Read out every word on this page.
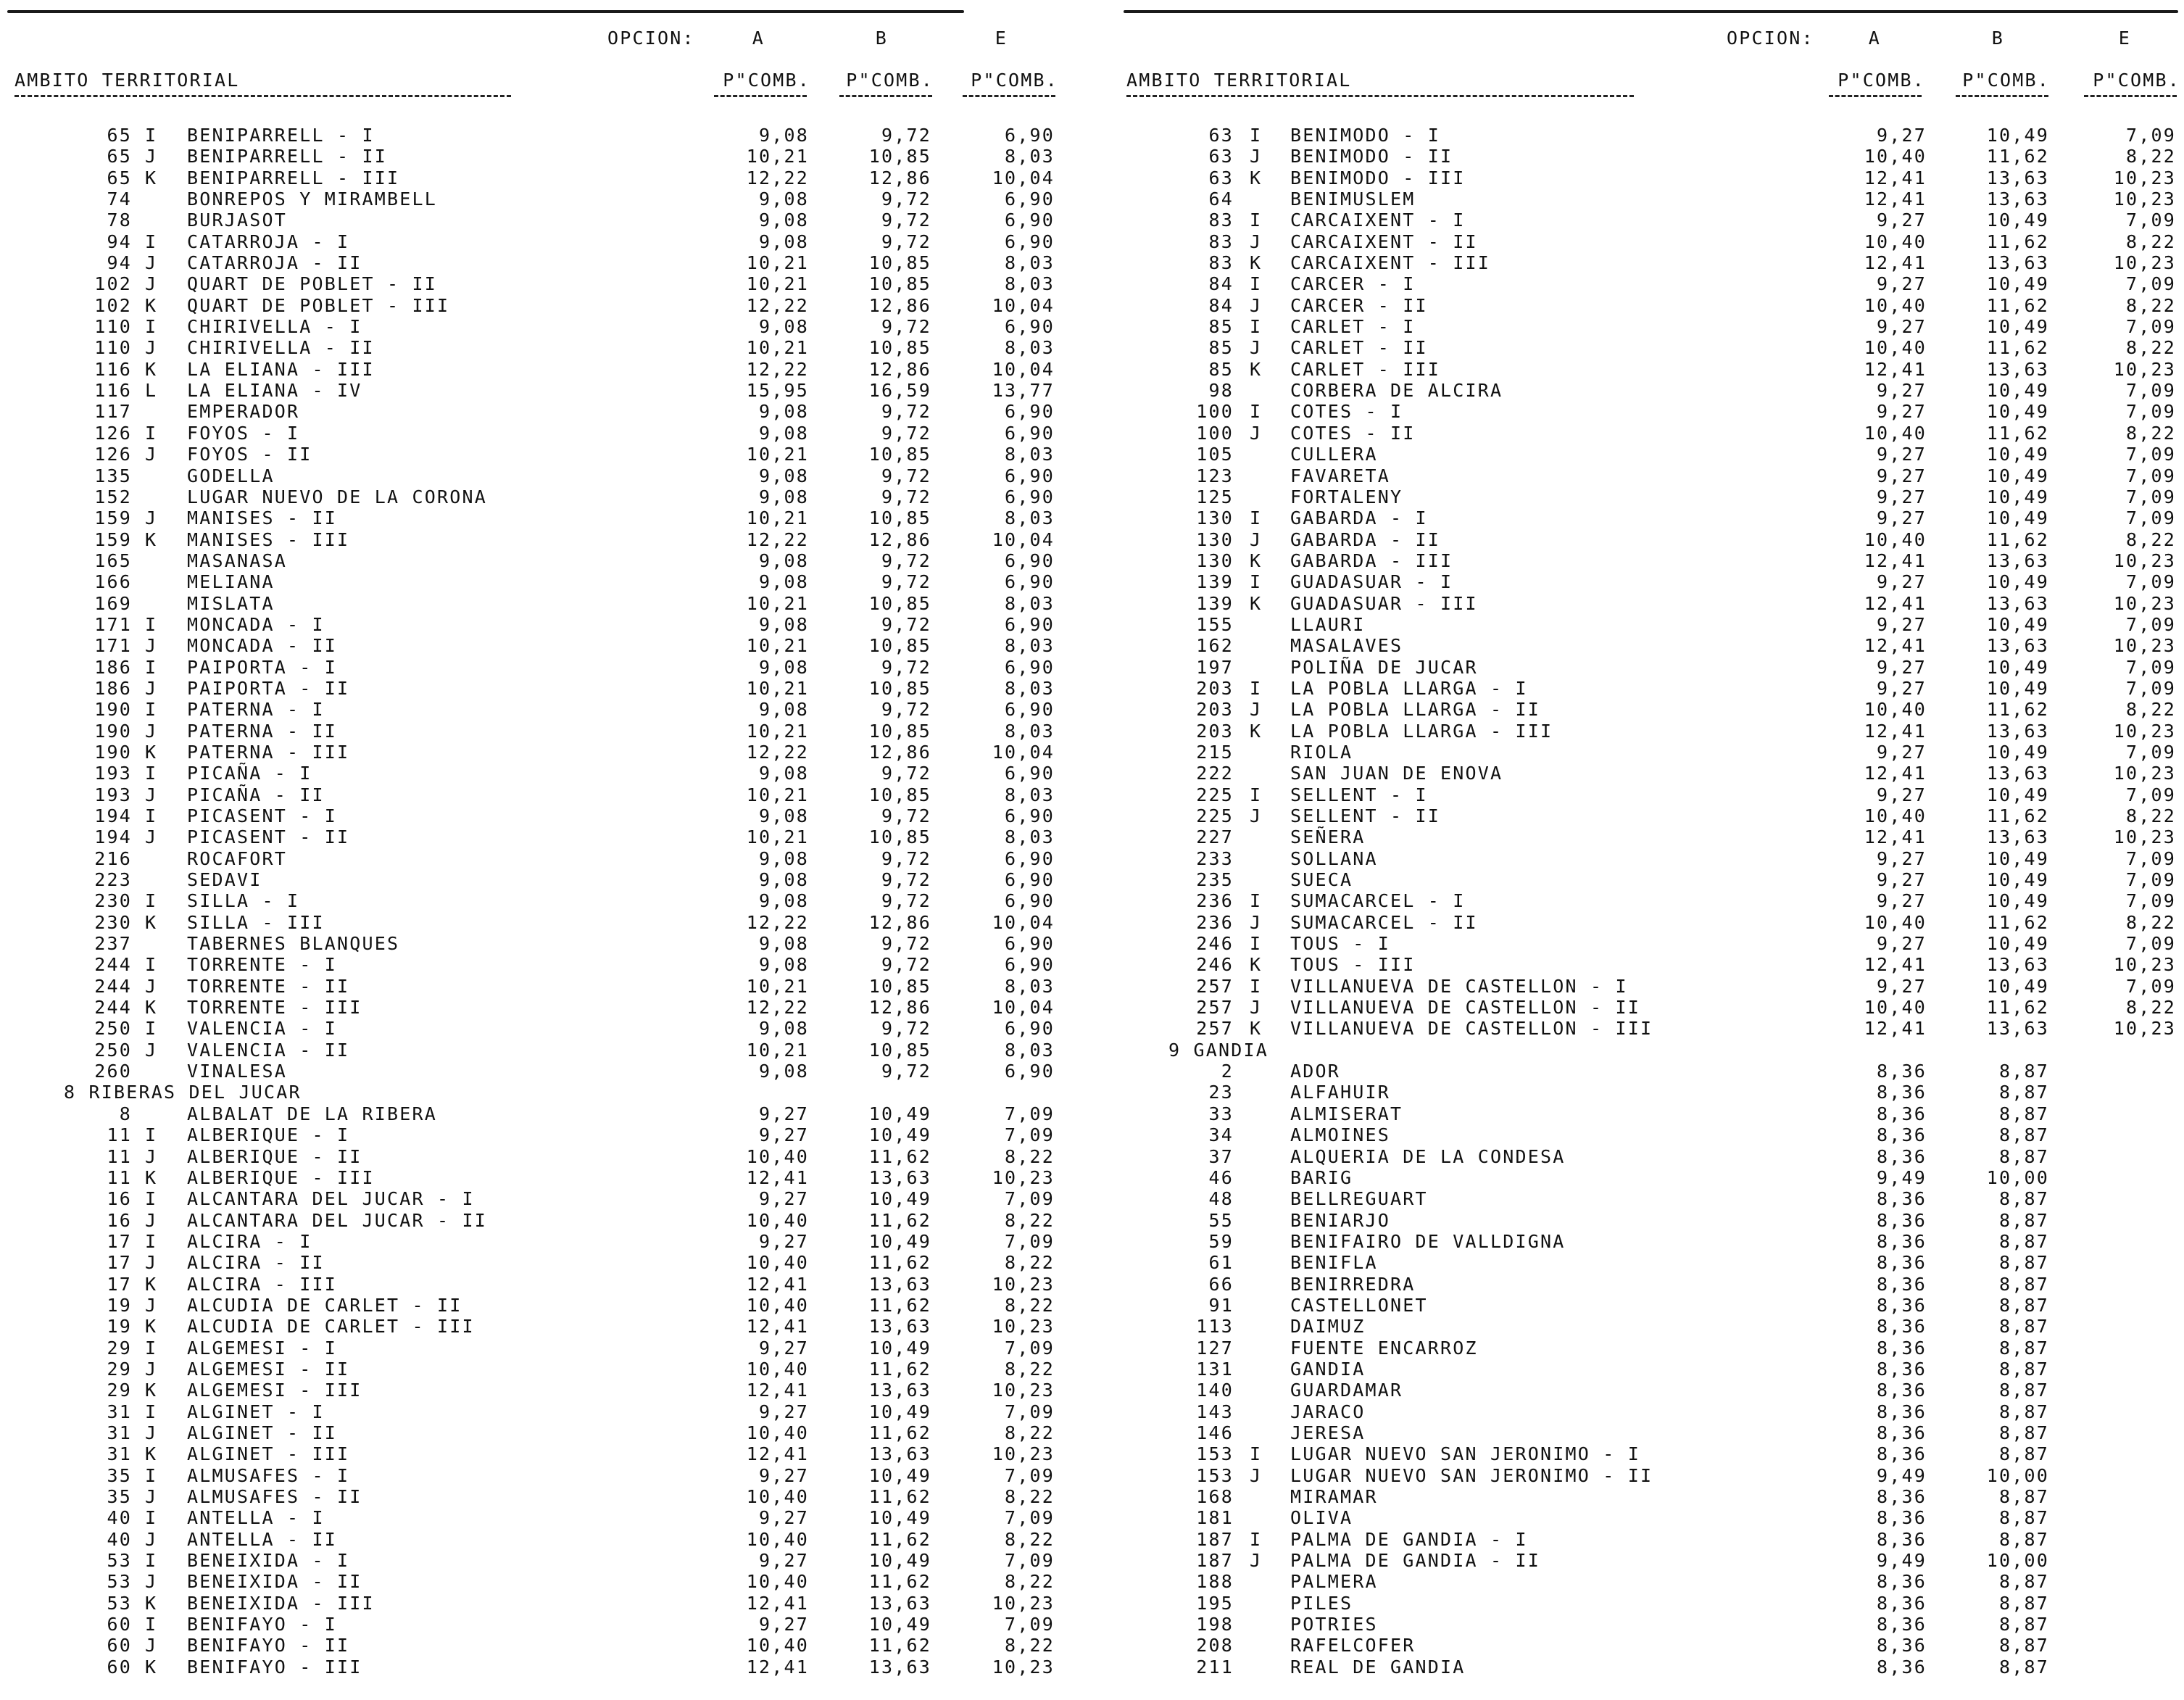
OPCION:	A	B	E
AMBITO TERRITORIAL	P"COMB.	P"COMB.	P"COMB.
65 I	BENIPARRELL - I	9,08	9,72	6,90
65 J	BENIPARRELL - II	10,21	10,85	8,03
65 K	BENIPARRELL - III	12,22	12,86	10,04
74	BONREPOS Y MIRAMBELL	9,08	9,72	6,90
78	BURJASOT	9,08	9,72	6,90
94 I	CATARROJA - I	9,08	9,72	6,90
94 J	CATARROJA - II	10,21	10,85	8,03
102 J	QUART DE POBLET - II	10,21	10,85	8,03
102 K	QUART DE POBLET - III	12,22	12,86	10,04
110 I	CHIRIVELLA - I	9,08	9,72	6,90
110 J	CHIRIVELLA - II	10,21	10,85	8,03
116 K	LA ELIANA - III	12,22	12,86	10,04
116 L	LA ELIANA - IV	15,95	16,59	13,77
117	EMPERADOR	9,08	9,72	6,90
126 I	FOYOS - I	9,08	9,72	6,90
126 J	FOYOS - II	10,21	10,85	8,03
135	GODELLA	9,08	9,72	6,90
152	LUGAR NUEVO DE LA CORONA	9,08	9,72	6,90
159 J	MANISES - II	10,21	10,85	8,03
159 K	MANISES - III	12,22	12,86	10,04
165	MASANASA	9,08	9,72	6,90
166	MELIANA	9,08	9,72	6,90
169	MISLATA	10,21	10,85	8,03
171 I	MONCADA - I	9,08	9,72	6,90
171 J	MONCADA - II	10,21	10,85	8,03
186 I	PAIPORTA - I	9,08	9,72	6,90
186 J	PAIPORTA - II	10,21	10,85	8,03
190 I	PATERNA - I	9,08	9,72	6,90
190 J	PATERNA - II	10,21	10,85	8,03
190 K	PATERNA - III	12,22	12,86	10,04
193 I	PICAÑA - I	9,08	9,72	6,90
193 J	PICAÑA - II	10,21	10,85	8,03
194 I	PICASENT - I	9,08	9,72	6,90
194 J	PICASENT - II	10,21	10,85	8,03
216	ROCAFORT	9,08	9,72	6,90
223	SEDAVI	9,08	9,72	6,90
230 I	SILLA - I	9,08	9,72	6,90
230 K	SILLA - III	12,22	12,86	10,04
237	TABERNES BLANQUES	9,08	9,72	6,90
244 I	TORRENTE - I	9,08	9,72	6,90
244 J	TORRENTE - II	10,21	10,85	8,03
244 K	TORRENTE - III	12,22	12,86	10,04
250 I	VALENCIA - I	9,08	9,72	6,90
250 J	VALENCIA - II	10,21	10,85	8,03
260	VINALESA	9,08	9,72	6,90
8 RIBERAS DEL JUCAR
8	ALBALAT DE LA RIBERA	9,27	10,49	7,09
11 I	ALBERIQUE - I	9,27	10,49	7,09
11 J	ALBERIQUE - II	10,40	11,62	8,22
11 K	ALBERIQUE - III	12,41	13,63	10,23
16 I	ALCANTARA DEL JUCAR - I	9,27	10,49	7,09
16 J	ALCANTARA DEL JUCAR - II	10,40	11,62	8,22
17 I	ALCIRA - I	9,27	10,49	7,09
17 J	ALCIRA - II	10,40	11,62	8,22
17 K	ALCIRA - III	12,41	13,63	10,23
19 J	ALCUDIA DE CARLET - II	10,40	11,62	8,22
19 K	ALCUDIA DE CARLET - III	12,41	13,63	10,23
29 I	ALGEMESI - I	9,27	10,49	7,09
29 J	ALGEMESI - II	10,40	11,62	8,22
29 K	ALGEMESI - III	12,41	13,63	10,23
31 I	ALGINET - I	9,27	10,49	7,09
31 J	ALGINET - II	10,40	11,62	8,22
31 K	ALGINET - III	12,41	13,63	10,23
35 I	ALMUSAFES - I	9,27	10,49	7,09
35 J	ALMUSAFES - II	10,40	11,62	8,22
40 I	ANTELLA - I	9,27	10,49	7,09
40 J	ANTELLA - II	10,40	11,62	8,22
53 I	BENEIXIDA - I	9,27	10,49	7,09
53 J	BENEIXIDA - II	10,40	11,62	8,22
53 K	BENEIXIDA - III	12,41	13,63	10,23
60 I	BENIFAYO - I	9,27	10,49	7,09
60 J	BENIFAYO - II	10,40	11,62	8,22
60 K	BENIFAYO - III	12,41	13,63	10,23
OPCION:	A	B	E
AMBITO TERRITORIAL	P"COMB.	P"COMB.	P"COMB.
63 I	BENIMODO - I	9,27	10,49	7,09
63 J	BENIMODO - II	10,40	11,62	8,22
63 K	BENIMODO - III	12,41	13,63	10,23
64	BENIMUSLEM	12,41	13,63	10,23
83 I	CARCAIXENT - I	9,27	10,49	7,09
83 J	CARCAIXENT - II	10,40	11,62	8,22
83 K	CARCAIXENT - III	12,41	13,63	10,23
84 I	CARCER - I	9,27	10,49	7,09
84 J	CARCER - II	10,40	11,62	8,22
85 I	CARLET - I	9,27	10,49	7,09
85 J	CARLET - II	10,40	11,62	8,22
85 K	CARLET - III	12,41	13,63	10,23
98	CORBERA DE ALCIRA	9,27	10,49	7,09
100 I	COTES - I	9,27	10,49	7,09
100 J	COTES - II	10,40	11,62	8,22
105	CULLERA	9,27	10,49	7,09
123	FAVARETA	9,27	10,49	7,09
125	FORTALENY	9,27	10,49	7,09
130 I	GABARDA - I	9,27	10,49	7,09
130 J	GABARDA - II	10,40	11,62	8,22
130 K	GABARDA - III	12,41	13,63	10,23
139 I	GUADASUAR - I	9,27	10,49	7,09
139 K	GUADASUAR - III	12,41	13,63	10,23
155	LLAURI	9,27	10,49	7,09
162	MASALAVES	12,41	13,63	10,23
197	POLIÑA DE JUCAR	9,27	10,49	7,09
203 I	LA POBLA LLARGA - I	9,27	10,49	7,09
203 J	LA POBLA LLARGA - II	10,40	11,62	8,22
203 K	LA POBLA LLARGA - III	12,41	13,63	10,23
215	RIOLA	9,27	10,49	7,09
222	SAN JUAN DE ENOVA	12,41	13,63	10,23
225 I	SELLENT - I	9,27	10,49	7,09
225 J	SELLENT - II	10,40	11,62	8,22
227	SEÑERA	12,41	13,63	10,23
233	SOLLANA	9,27	10,49	7,09
235	SUECA	9,27	10,49	7,09
236 I	SUMACARCEL - I	9,27	10,49	7,09
236 J	SUMACARCEL - II	10,40	11,62	8,22
246 I	TOUS - I	9,27	10,49	7,09
246 K	TOUS - III	12,41	13,63	10,23
257 I	VILLANUEVA DE CASTELLON - I	9,27	10,49	7,09
257 J	VILLANUEVA DE CASTELLON - II	10,40	11,62	8,22
257 K	VILLANUEVA DE CASTELLON - III	12,41	13,63	10,23
9 GANDIA
2	ADOR	8,36	8,87
23	ALFAHUIR	8,36	8,87
33	ALMISERAT	8,36	8,87
34	ALMOINES	8,36	8,87
37	ALQUERIA DE LA CONDESA	8,36	8,87
46	BARIG	9,49	10,00
48	BELLREGUART	8,36	8,87
55	BENIARJO	8,36	8,87
59	BENIFAIRO DE VALLDIGNA	8,36	8,87
61	BENIFLA	8,36	8,87
66	BENIRREDRA	8,36	8,87
91	CASTELLONET	8,36	8,87
113	DAIMUZ	8,36	8,87
127	FUENTE ENCARROZ	8,36	8,87
131	GANDIA	8,36	8,87
140	GUARDAMAR	8,36	8,87
143	JARACO	8,36	8,87
146	JERESA	8,36	8,87
153 I	LUGAR NUEVO SAN JERONIMO - I	8,36	8,87
153 J	LUGAR NUEVO SAN JERONIMO - II	9,49	10,00
168	MIRAMAR	8,36	8,87
181	OLIVA	8,36	8,87
187 I	PALMA DE GANDIA - I	8,36	8,87
187 J	PALMA DE GANDIA - II	9,49	10,00
188	PALMERA	8,36	8,87
195	PILES	8,36	8,87
198	POTRIES	8,36	8,87
208	RAFELCOFER	8,36	8,87
211	REAL DE GANDIA	8,36	8,87
